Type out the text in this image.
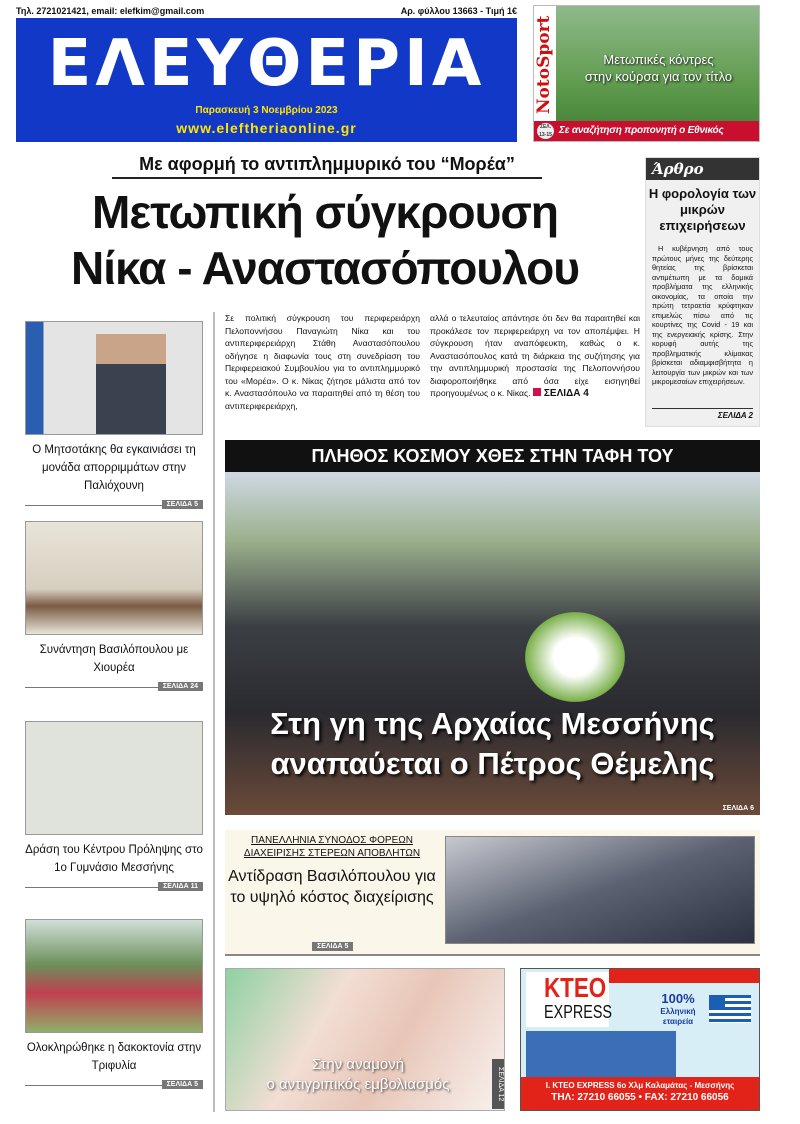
Τηλ. 2721021421, email: elefkim@gmail.com	Αρ. φύλλου 13663 - Τιμή 1€
ΕΛΕΥΘΕΡΙΑ
Παρασκευή 3 Νοεμβρίου 2023
www.eleftheriaonline.gr
NotoSport	Μετωπικές κόντρες
στην κούρσα για τον τίτλο
Σε αναζήτηση προπονητή ο Εθνικός
ΣΕΛ. 13-15
Με αφορμή το αντιπλημμυρικό του “Μορέα”
Μετωπική σύγκρουση
Νίκα - Αναστασόπουλου
Άρθρο
Η φορολογία των μικρών επιχειρήσεων
Η κυβέρνηση από τους πρώτους μήνες της δεύτερης θητείας της βρίσκεται αντιμέτωπη με τα δομικά προβλήματα της ελληνικής οικονομίας, τα οποία την πρώτη τετραετία κρύφτηκαν επιμελώς πίσω από τις κουρτίνες της Covid - 19 και της ενεργειακής κρίσης. Στην κορυφή αυτής της προβληματικής κλίμακας βρίσκεται αδιαμφισβήτητα η λειτουργία των μικρών και των μικρομεσαίων επιχειρήσεων.
ΣΕΛΙΔΑ 2
Σε πολιτική σύγκρουση του περιφερειάρχη Πελοποννήσου Παναγιώτη Νίκα και του αντιπεριφερειάρχη Στάθη Αναστασόπουλου οδήγησε η διαφωνία τους στη συνεδρίαση του Περιφερειακού Συμβουλίου για το αντιπλημμυρικό του «Μορέα». Ο κ. Νίκας ζήτησε μάλιστα από τον κ. Αναστασόπουλο να παραιτηθεί από τη θέση του αντιπεριφερειάρχη,
αλλά ο τελευταίος απάντησε ότι δεν θα παραιτηθεί και προκάλεσε τον περιφερειάρχη να τον αποπέμψει. Η σύγκρουση ήταν αναπόφευκτη, καθώς ο κ. Αναστασόπουλος κατά τη διάρκεια της συζήτησης για την αντιπλημμυρική προστασία της Πελοποννήσου διαφοροποιήθηκε από όσα είχε εισηγηθεί προηγουμένως ο κ. Νίκας. ΣΕΛΙΔΑ 4
Ο Μητσοτάκης θα εγκαινιάσει τη μονάδα απορριμμάτων στην Παλιόχουνη
ΣΕΛΙΔΑ 5
Συνάντηση Βασιλόπουλου με Χιουρέα
ΣΕΛΙΔΑ 24
Δράση του Κέντρου Πρόληψης στο 1ο Γυμνάσιο Μεσσήνης
ΣΕΛΙΔΑ 11
Ολοκληρώθηκε η δακοκτονία στην Τριφυλία
ΣΕΛΙΔΑ 5
ΠΛΗΘΟΣ ΚΟΣΜΟΥ ΧΘΕΣ ΣΤΗΝ ΤΑΦΗ ΤΟΥ
Στη γη της Αρχαίας Μεσσήνης
αναπαύεται ο Πέτρος Θέμελης
ΣΕΛΙΔΑ 6
ΠΑΝΕΛΛΗΝΙΑ ΣΥΝΟΔΟΣ ΦΟΡΕΩΝ ΔΙΑΧΕΙΡΙΣΗΣ ΣΤΕΡΕΩΝ ΑΠΟΒΛΗΤΩΝ
Αντίδραση Βασιλόπουλου για το υψηλό κόστος διαχείρισης
ΣΕΛΙΔΑ 5
Στην αναμονή
ο αντιγριπικός εμβολιασμός	ΣΕΛΙΔΑ 12
KTEO
EXPRESS
100%
Ελληνική εταιρεία
I. KTEO EXPRESS 6o Χλμ Καλαμάτας - Μεσσήνης
ΤΗΛ: 27210 66055 • FAX: 27210 66056
